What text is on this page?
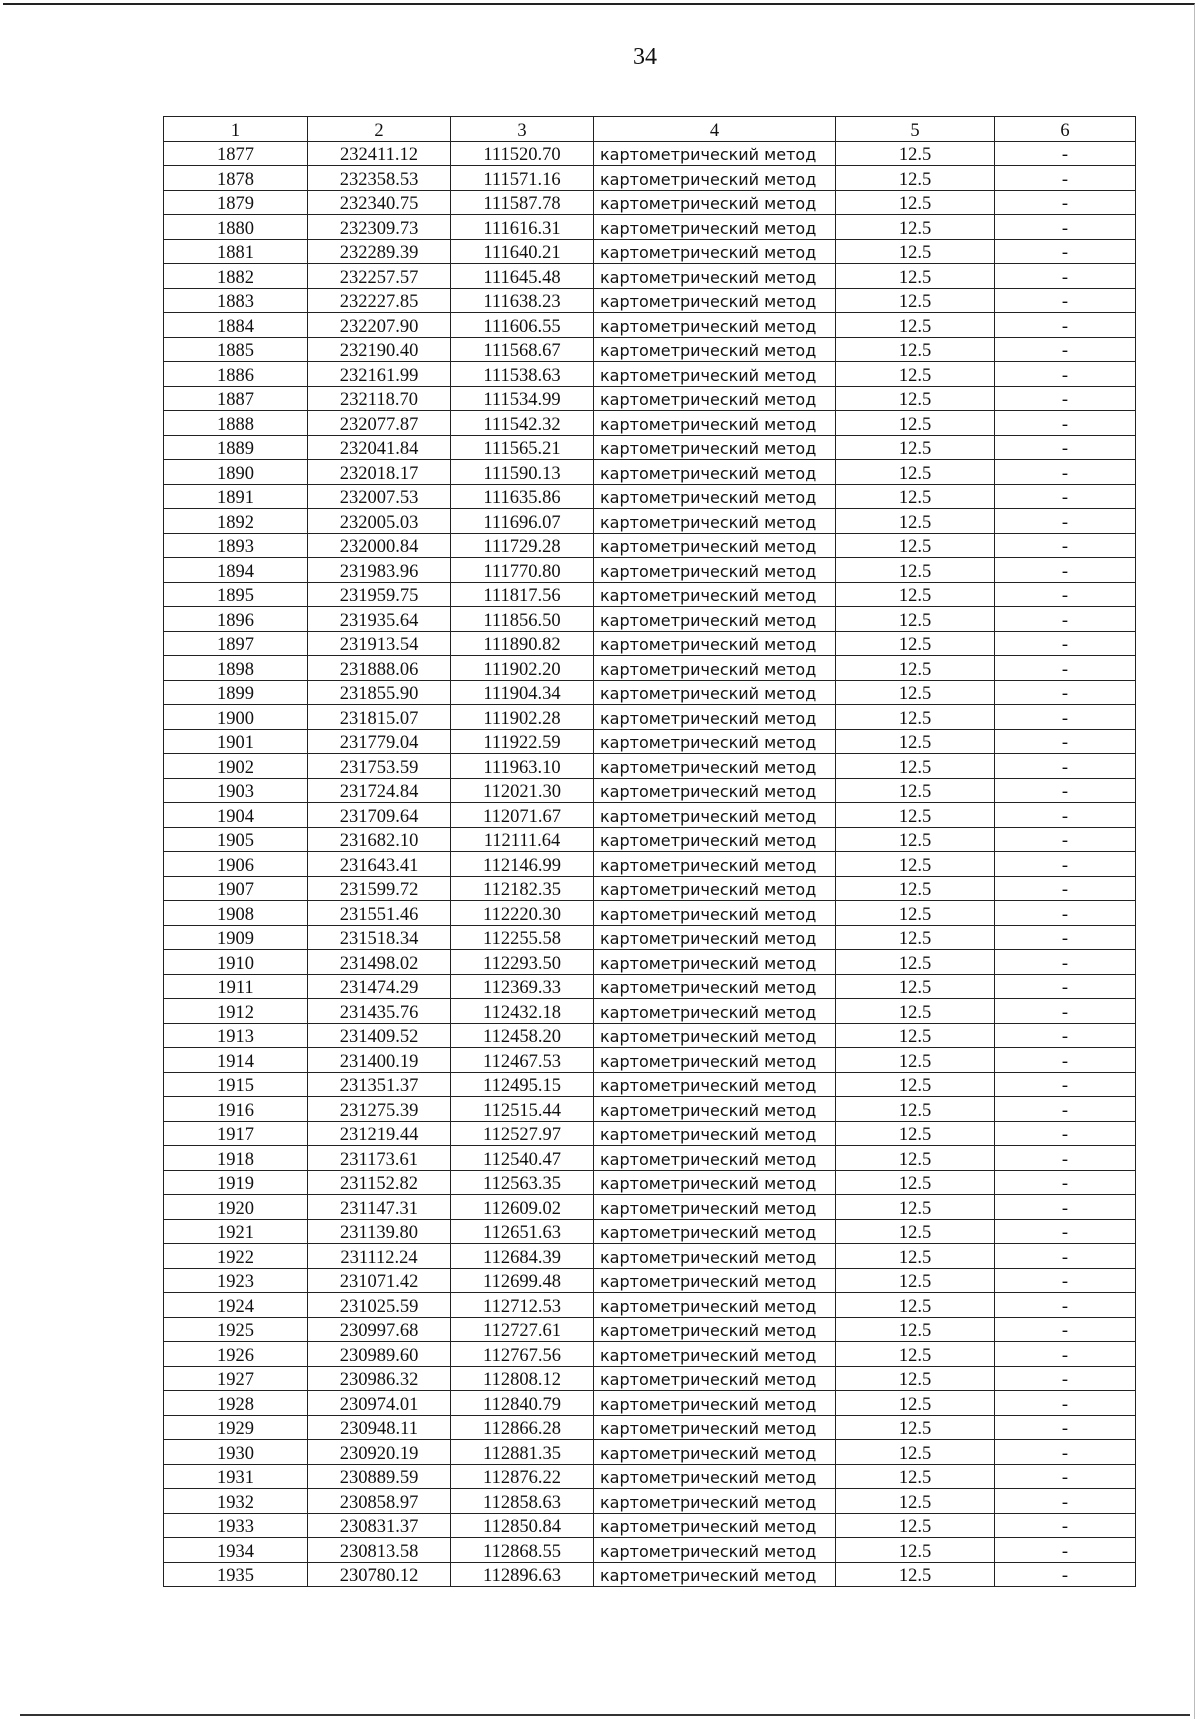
34
1	2	3	4	5	6
1877	232411.12	111520.70	картометрический метод	12.5	-
1878	232358.53	111571.16	картометрический метод	12.5	-
1879	232340.75	111587.78	картометрический метод	12.5	-
1880	232309.73	111616.31	картометрический метод	12.5	-
1881	232289.39	111640.21	картометрический метод	12.5	-
1882	232257.57	111645.48	картометрический метод	12.5	-
1883	232227.85	111638.23	картометрический метод	12.5	-
1884	232207.90	111606.55	картометрический метод	12.5	-
1885	232190.40	111568.67	картометрический метод	12.5	-
1886	232161.99	111538.63	картометрический метод	12.5	-
1887	232118.70	111534.99	картометрический метод	12.5	-
1888	232077.87	111542.32	картометрический метод	12.5	-
1889	232041.84	111565.21	картометрический метод	12.5	-
1890	232018.17	111590.13	картометрический метод	12.5	-
1891	232007.53	111635.86	картометрический метод	12.5	-
1892	232005.03	111696.07	картометрический метод	12.5	-
1893	232000.84	111729.28	картометрический метод	12.5	-
1894	231983.96	111770.80	картометрический метод	12.5	-
1895	231959.75	111817.56	картометрический метод	12.5	-
1896	231935.64	111856.50	картометрический метод	12.5	-
1897	231913.54	111890.82	картометрический метод	12.5	-
1898	231888.06	111902.20	картометрический метод	12.5	-
1899	231855.90	111904.34	картометрический метод	12.5	-
1900	231815.07	111902.28	картометрический метод	12.5	-
1901	231779.04	111922.59	картометрический метод	12.5	-
1902	231753.59	111963.10	картометрический метод	12.5	-
1903	231724.84	112021.30	картометрический метод	12.5	-
1904	231709.64	112071.67	картометрический метод	12.5	-
1905	231682.10	112111.64	картометрический метод	12.5	-
1906	231643.41	112146.99	картометрический метод	12.5	-
1907	231599.72	112182.35	картометрический метод	12.5	-
1908	231551.46	112220.30	картометрический метод	12.5	-
1909	231518.34	112255.58	картометрический метод	12.5	-
1910	231498.02	112293.50	картометрический метод	12.5	-
1911	231474.29	112369.33	картометрический метод	12.5	-
1912	231435.76	112432.18	картометрический метод	12.5	-
1913	231409.52	112458.20	картометрический метод	12.5	-
1914	231400.19	112467.53	картометрический метод	12.5	-
1915	231351.37	112495.15	картометрический метод	12.5	-
1916	231275.39	112515.44	картометрический метод	12.5	-
1917	231219.44	112527.97	картометрический метод	12.5	-
1918	231173.61	112540.47	картометрический метод	12.5	-
1919	231152.82	112563.35	картометрический метод	12.5	-
1920	231147.31	112609.02	картометрический метод	12.5	-
1921	231139.80	112651.63	картометрический метод	12.5	-
1922	231112.24	112684.39	картометрический метод	12.5	-
1923	231071.42	112699.48	картометрический метод	12.5	-
1924	231025.59	112712.53	картометрический метод	12.5	-
1925	230997.68	112727.61	картометрический метод	12.5	-
1926	230989.60	112767.56	картометрический метод	12.5	-
1927	230986.32	112808.12	картометрический метод	12.5	-
1928	230974.01	112840.79	картометрический метод	12.5	-
1929	230948.11	112866.28	картометрический метод	12.5	-
1930	230920.19	112881.35	картометрический метод	12.5	-
1931	230889.59	112876.22	картометрический метод	12.5	-
1932	230858.97	112858.63	картометрический метод	12.5	-
1933	230831.37	112850.84	картометрический метод	12.5	-
1934	230813.58	112868.55	картометрический метод	12.5	-
1935	230780.12	112896.63	картометрический метод	12.5	-
